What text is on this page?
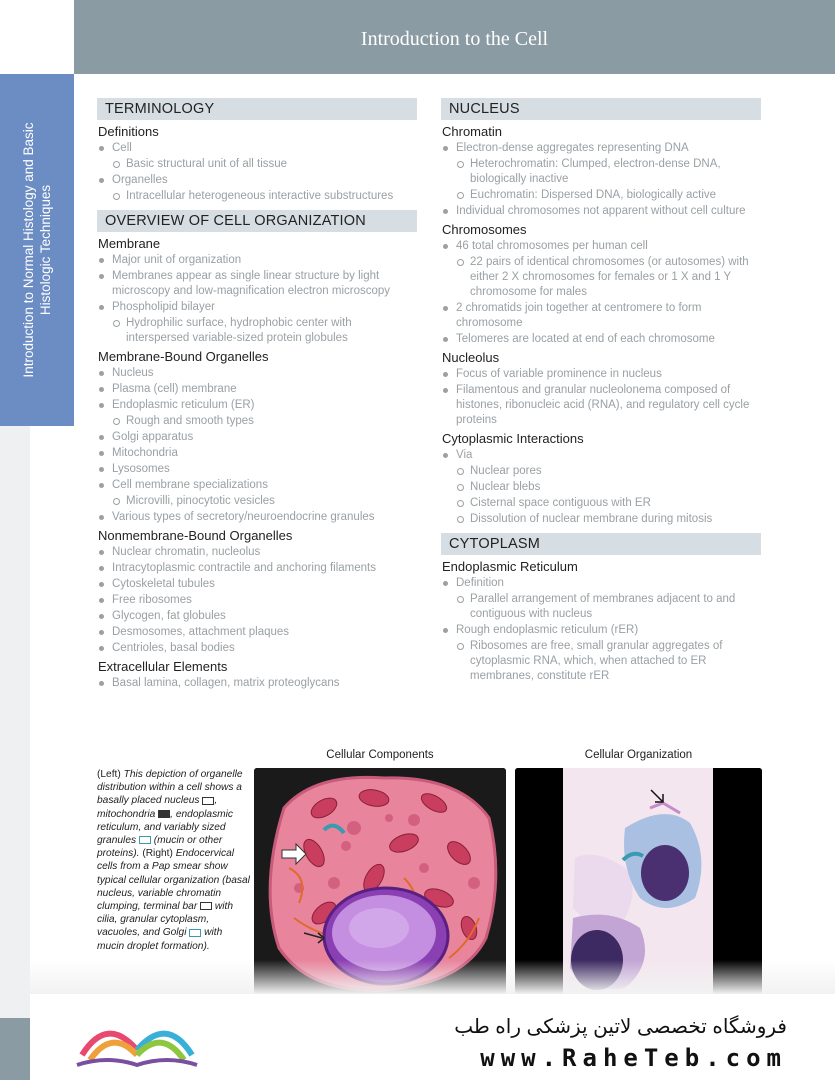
Introduction to the Cell
Introduction to Normal Histology and Basic Histologic Techniques
TERMINOLOGY
Definitions
Cell
Basic structural unit of all tissue
Organelles
Intracellular heterogeneous interactive substructures
OVERVIEW OF CELL ORGANIZATION
Membrane
Major unit of organization
Membranes appear as single linear structure by light microscopy and low-magnification electron microscopy
Phospholipid bilayer
Hydrophilic surface, hydrophobic center with interspersed variable-sized protein globules
Membrane-Bound Organelles
Nucleus
Plasma (cell) membrane
Endoplasmic reticulum (ER)
Rough and smooth types
Golgi apparatus
Mitochondria
Lysosomes
Cell membrane specializations
Microvilli, pinocytotic vesicles
Various types of secretory/neuroendocrine granules
Nonmembrane-Bound Organelles
Nuclear chromatin, nucleolus
Intracytoplasmic contractile and anchoring filaments
Cytoskeletal tubules
Free ribosomes
Glycogen, fat globules
Desmosomes, attachment plaques
Centrioles, basal bodies
Extracellular Elements
Basal lamina, collagen, matrix proteoglycans
NUCLEUS
Chromatin
Electron-dense aggregates representing DNA
Heterochromatin: Clumped, electron-dense DNA, biologically inactive
Euchromatin: Dispersed DNA, biologically active
Individual chromosomes not apparent without cell culture
Chromosomes
46 total chromosomes per human cell
22 pairs of identical chromosomes (or autosomes) with either 2 X chromosomes for females or 1 X and 1 Y chromosome for males
2 chromatids join together at centromere to form chromosome
Telomeres are located at end of each chromosome
Nucleolus
Focus of variable prominence in nucleus
Filamentous and granular nucleolonema composed of histones, ribonucleic acid (RNA), and regulatory cell cycle proteins
Cytoplasmic Interactions
Via
Nuclear pores
Nuclear blebs
Cisternal space contiguous with ER
Dissolution of nuclear membrane during mitosis
CYTOPLASM
Endoplasmic Reticulum
Definition
Parallel arrangement of membranes adjacent to and contiguous with nucleus
Rough endoplasmic reticulum (rER)
Ribosomes are free, small granular aggregates of cytoplasmic RNA, which, when attached to ER membranes, constitute rER
Cellular Components	Cellular Organization
(Left) This depiction of organelle distribution within a cell shows a basally placed nucleus , mitochondria , endoplasmic reticulum, and variably sized granules  (mucin or other proteins). (Right) Endocervical cells from a Pap smear show typical cellular organization (basal nucleus, variable chromatin clumping, terminal bar  with cilia, granular cytoplasm, vacuoles, and Golgi  with mucin droplet formation).
فروشگاه تخصصی لاتین پزشکی راه طب
www.RaheTeb.com
